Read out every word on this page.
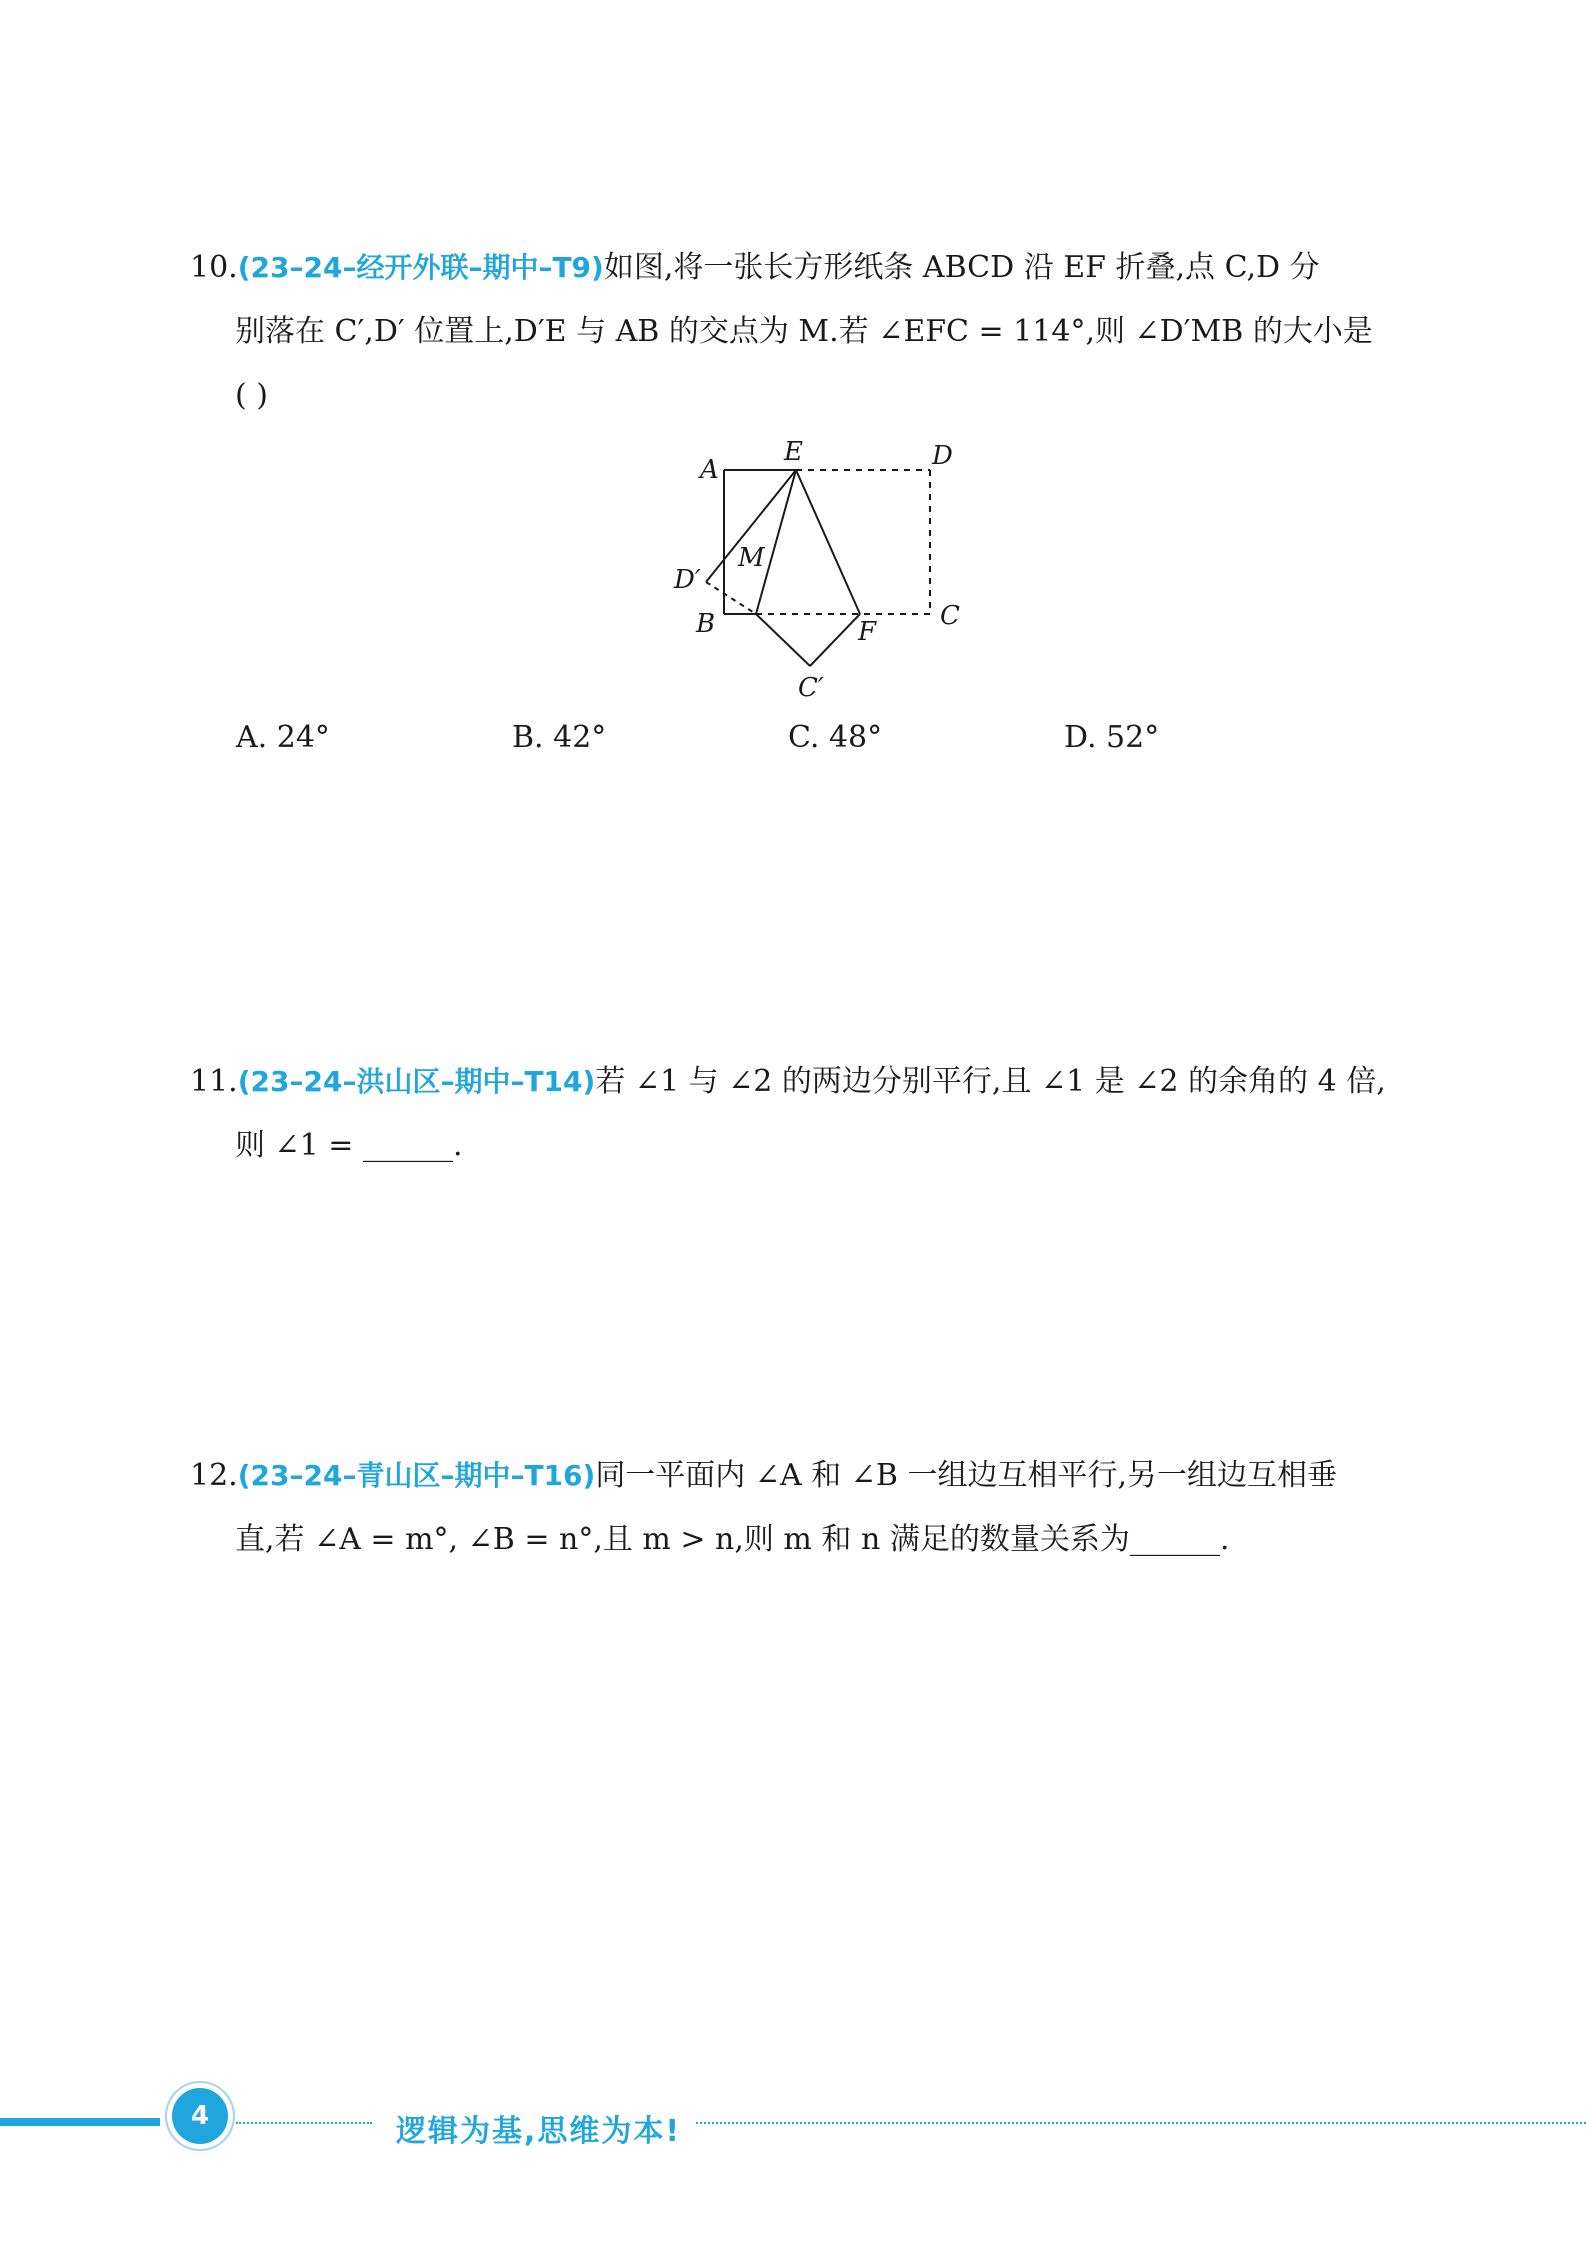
10.(23–24–经开外联–期中–T9)如图,将一张长方形纸条 ABCD 沿 EF 折叠,点 C,D 分
别落在 C′,D′ 位置上,D′E 与 AB 的交点为 M.若 ∠EFC = 114°,则 ∠D′MB 的大小是
( )
A
E	D
M
D′
B	F
C
C′
A. 24°	B. 42°	C. 48°	D. 52°
11.(23–24–洪山区–期中–T14)若 ∠1 与 ∠2 的两边分别平行,且 ∠1 是 ∠2 的余角的 4 倍,
则 ∠1 = ______.
12.(23–24–青山区–期中–T16)同一平面内 ∠A 和 ∠B 一组边互相平行,另一组边互相垂
直,若 ∠A = m°, ∠B = n°,且 m > n,则 m 和 n 满足的数量关系为______.
4	逻辑为基,思维为本!
